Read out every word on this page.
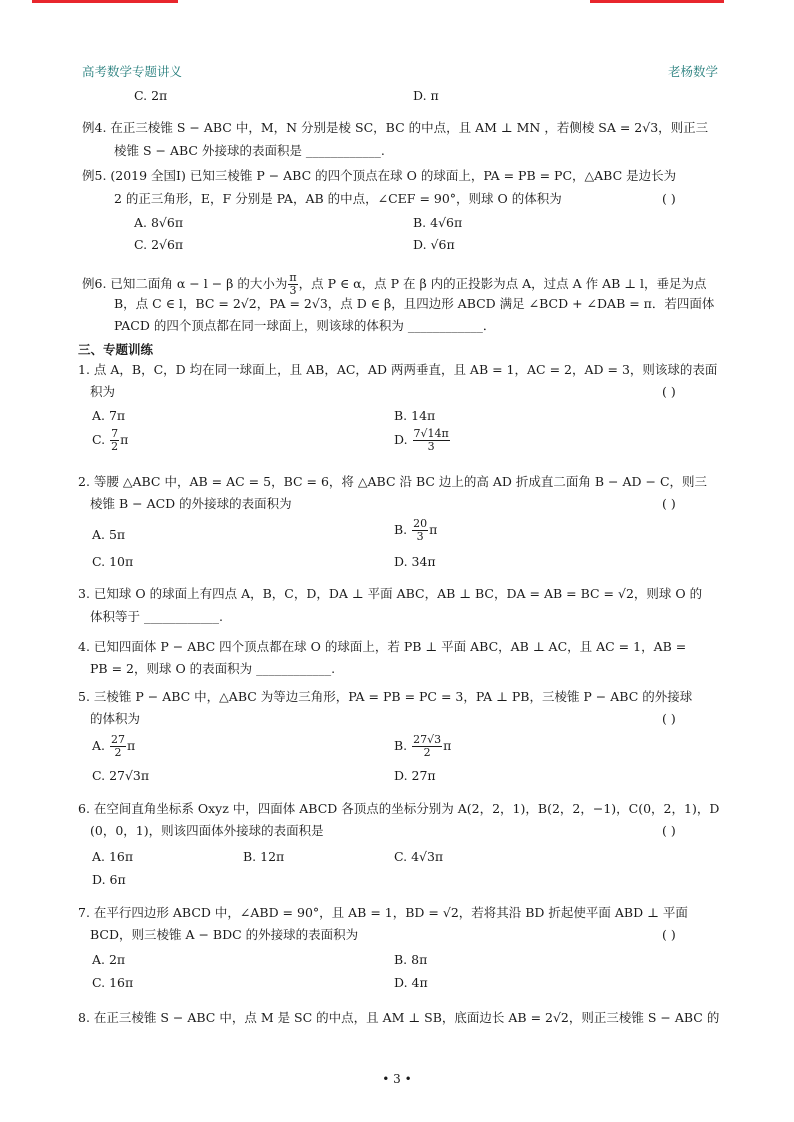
高考数学专题讲义	老杨数学
C. 2π	D. π
例4. 在正三棱锥 S − ABC 中，M，N 分别是棱 SC，BC 的中点，且 AM ⊥ MN ，若侧棱 SA = 2√3，则正三
棱锥 S − ABC 外接球的表面积是 ____________.
例5. (2019 全国Ⅰ) 已知三棱锥 P − ABC 的四个顶点在球 O 的球面上，PA = PB = PC，△ABC 是边长为
2 的正三角形，E，F 分别是 PA，AB 的中点，∠CEF = 90°，则球 O 的体积为	( )
A. 8√6π	B. 4√6π
C. 2√6π	D. √6π
例6. 已知二面角 α − l − β 的大小为 $\frac{\pi}{3}$ ，点 P ∈ α，点 P 在 β 内的正投影为点 A，过点 A 作 AB ⊥ l，垂足为点
B，点 C ∈ l，BC = 2√2，PA = 2√3，点 D ∈ β，且四边形 ABCD 满足 ∠BCD + ∠DAB = π．若四面体
PACD 的四个顶点都在同一球面上，则该球的体积为 ____________．
三、专题训练
1. 点 A，B，C，D 均在同一球面上，且 AB，AC，AD 两两垂直，且 AB = 1，AC = 2，AD = 3，则该球的表面
积为	( )
A. 7π	B. 14π
C. $\frac{7}{2}$ π	D. $\frac{7√14\pi}{3}$
2. 等腰 △ABC 中，AB = AC = 5，BC = 6，将 △ABC 沿 BC 边上的高 AD 折成直二面角 B − AD − C，则三
棱锥 B − ACD 的外接球的表面积为	( )
A. 5π	B. $\frac{20}{3}$ π
C. 10π	D. 34π
3. 已知球 O 的球面上有四点 A，B，C，D，DA ⊥ 平面 ABC，AB ⊥ BC，DA = AB = BC = √2，则球 O 的
体积等于 ____________.
4. 已知四面体 P − ABC 四个顶点都在球 O 的球面上，若 PB ⊥ 平面 ABC，AB ⊥ AC，且 AC = 1，AB =
PB = 2，则球 O 的表面积为 ____________.
5. 三棱锥 P − ABC 中，△ABC 为等边三角形，PA = PB = PC = 3，PA ⊥ PB，三棱锥 P − ABC 的外接球
的体积为	( )
A. $\frac{27}{2}$ π	B. $\frac{27√3}{2}$ π
C. 27√3π	D. 27π
6. 在空间直角坐标系 Oxyz 中，四面体 ABCD 各顶点的坐标分别为 A(2，2，1)，B(2，2，−1)，C(0，2，1)，D
(0，0，1)，则该四面体外接球的表面积是	( )
A. 16π	B. 12π	C. 4√3π
D. 6π
7. 在平行四边形 ABCD 中，∠ABD = 90°，且 AB = 1，BD = √2，若将其沿 BD 折起使平面 ABD ⊥ 平面
BCD，则三棱锥 A − BDC 的外接球的表面积为	( )
A. 2π	B. 8π
C. 16π	D. 4π
8. 在正三棱锥 S − ABC 中，点 M 是 SC 的中点，且 AM ⊥ SB，底面边长 AB = 2√2，则正三棱锥 S − ABC 的
• 3 •
